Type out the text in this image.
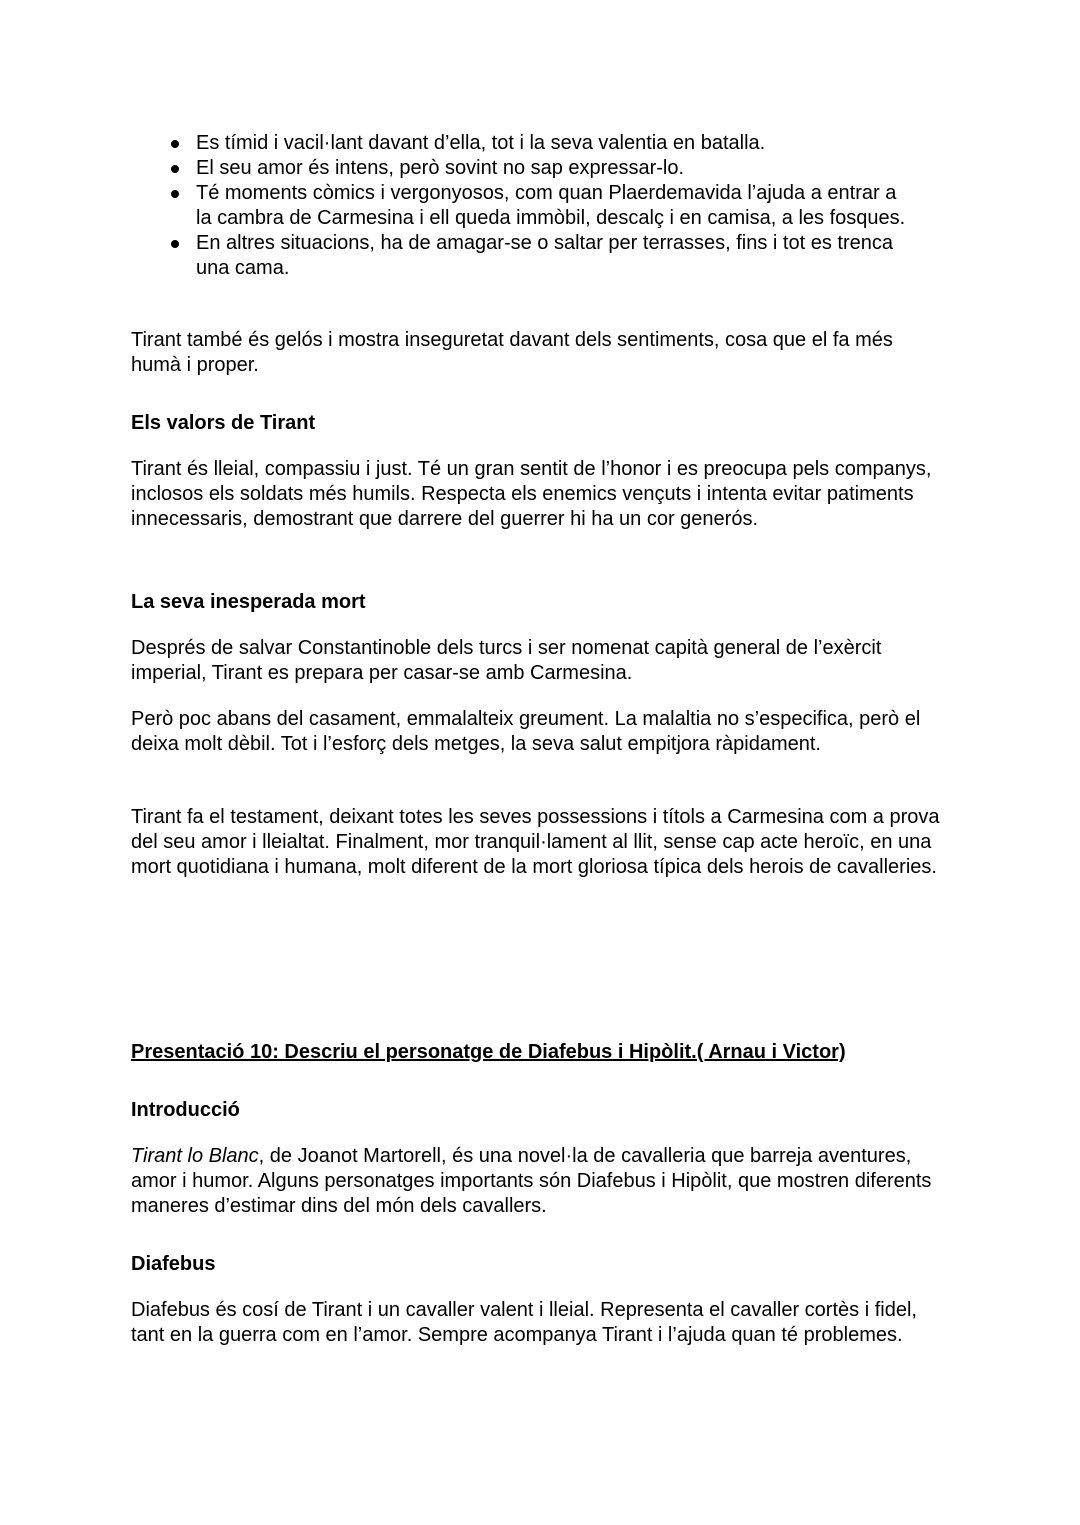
Es tímid i vacil·lant davant d’ella, tot i la seva valentia en batalla.
El seu amor és intens, però sovint no sap expressar-lo.
Té moments còmics i vergonyosos, com quan Plaerdemavida l’ajuda a entrar a la cambra de Carmesina i ell queda immòbil, descalç i en camisa, a les fosques.
En altres situacions, ha de amagar-se o saltar per terrasses, fins i tot es trenca una cama.

Tirant també és gelós i mostra inseguretat davant dels sentiments, cosa que el fa més humà i proper.

Els valors de Tirant

Tirant és lleial, compassiu i just. Té un gran sentit de l’honor i es preocupa pels companys, inclosos els soldats més humils. Respecta els enemics vençuts i intenta evitar patiments innecessaris, demostrant que darrere del guerrer hi ha un cor generós.

La seva inesperada mort

Després de salvar Constantinoble dels turcs i ser nomenat capità general de l’exèrcit imperial, Tirant es prepara per casar-se amb Carmesina.

Però poc abans del casament, emmalalteix greument. La malaltia no s’especifica, però el deixa molt dèbil. Tot i l’esforç dels metges, la seva salut empitjora ràpidament.

Tirant fa el testament, deixant totes les seves possessions i títols a Carmesina com a prova del seu amor i lleialtat. Finalment, mor tranquil·lament al llit, sense cap acte heroïc, en una mort quotidiana i humana, molt diferent de la mort gloriosa típica dels herois de cavalleries.

Presentació 10: Descriu el personatge de Diafebus i Hipòlit.( Arnau i Victor)

Introducció

Tirant lo Blanc, de Joanot Martorell, és una novel·la de cavalleria que barreja aventures, amor i humor. Alguns personatges importants són Diafebus i Hipòlit, que mostren diferents maneres d’estimar dins del món dels cavallers.

Diafebus

Diafebus és cosí de Tirant i un cavaller valent i lleial. Representa el cavaller cortès i fidel, tant en la guerra com en l’amor. Sempre acompanya Tirant i l’ajuda quan té problemes.
